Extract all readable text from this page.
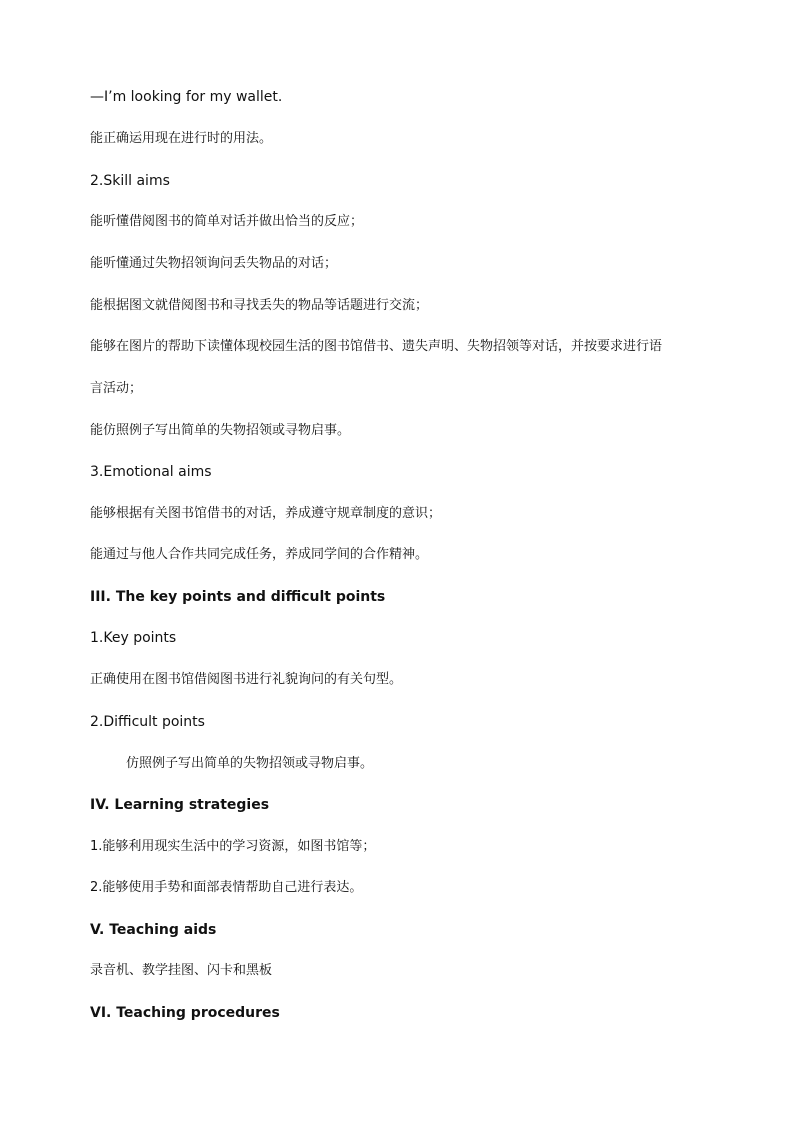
—I’m looking for my wallet.
能正确运用现在进行时的用法。
2.Skill aims
能听懂借阅图书的简单对话并做出恰当的反应；
能听懂通过失物招领询问丢失物品的对话；
能根据图文就借阅图书和寻找丢失的物品等话题进行交流；
能够在图片的帮助下读懂体现校园生活的图书馆借书、遗失声明、失物招领等对话，并按要求进行语
言活动；
能仿照例子写出简单的失物招领或寻物启事。
3.Emotional aims
能够根据有关图书馆借书的对话，养成遵守规章制度的意识；
能通过与他人合作共同完成任务，养成同学间的合作精神。
III. The key points and difficult points
1.Key points
正确使用在图书馆借阅图书进行礼貌询问的有关句型。
2.Difficult points
仿照例子写出简单的失物招领或寻物启事。
IV. Learning strategies
1.能够利用现实生活中的学习资源，如图书馆等；
2.能够使用手势和面部表情帮助自己进行表达。
V. Teaching aids
录音机、教学挂图、闪卡和黑板
VI. Teaching procedures
